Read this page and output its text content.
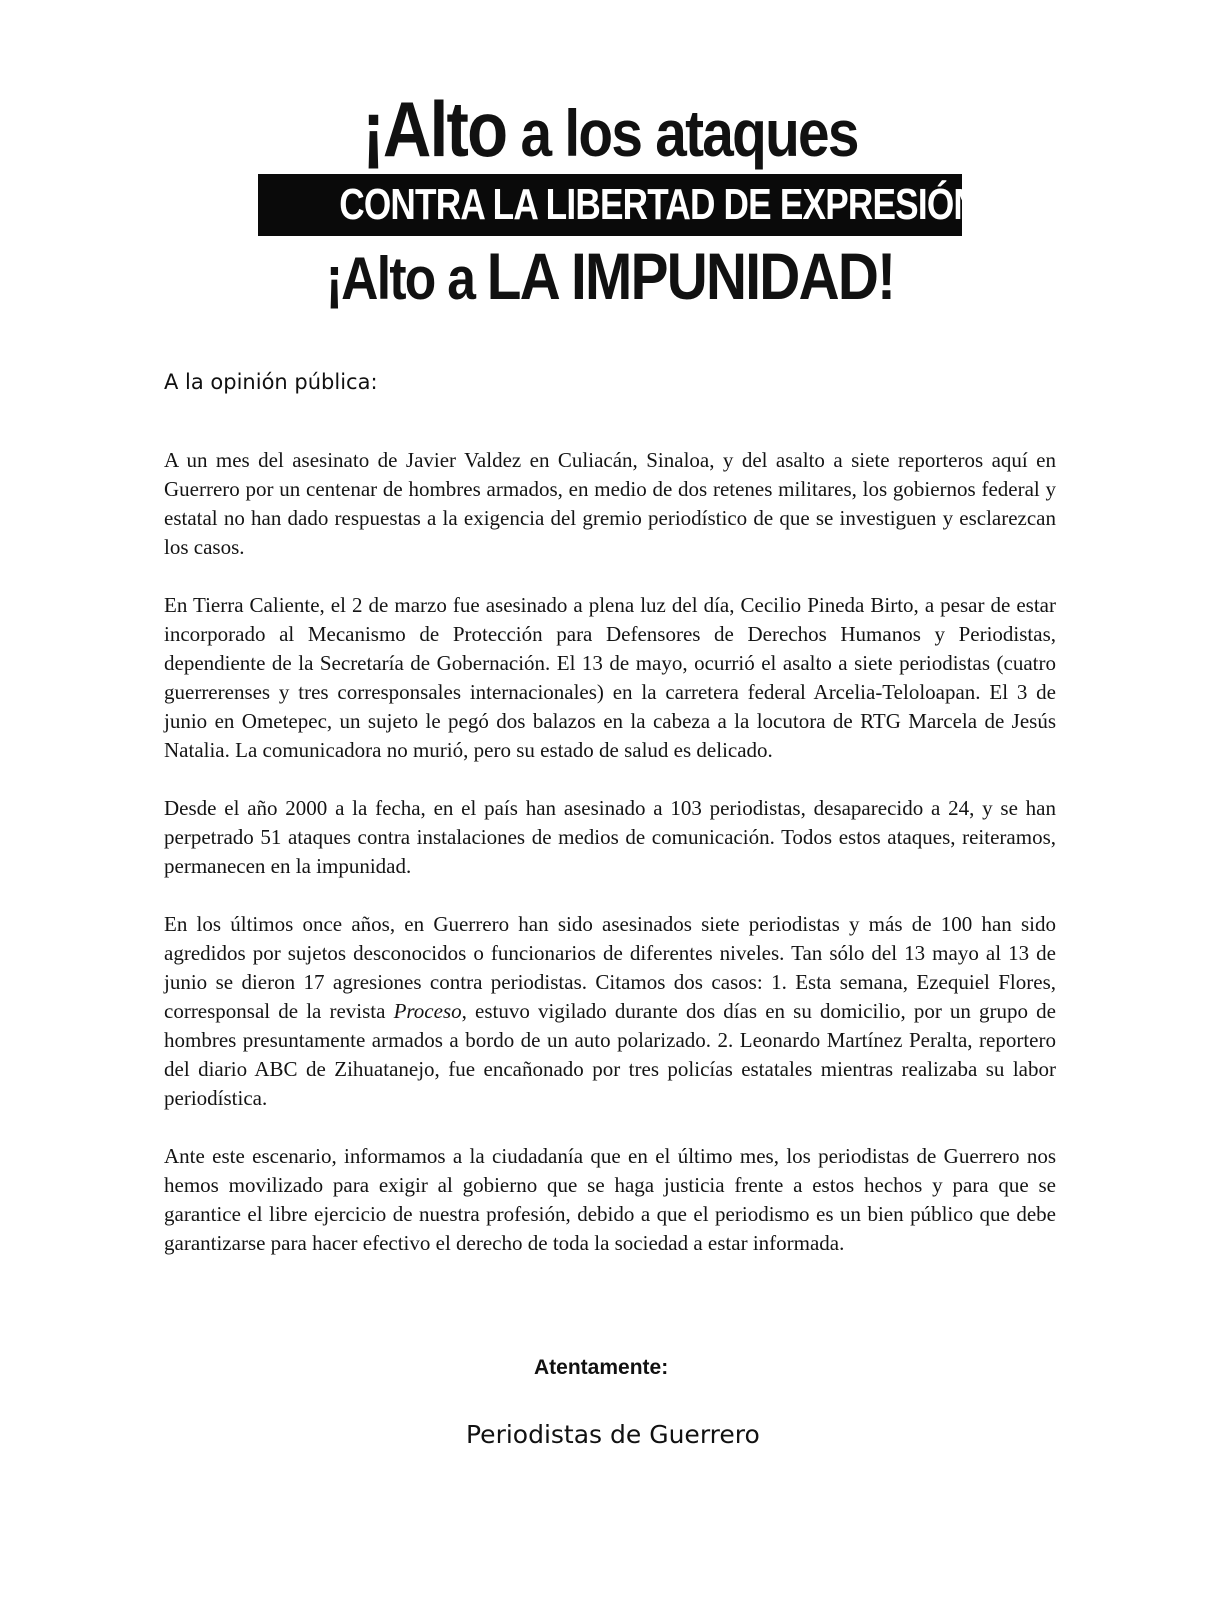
¡Alto a los ataques
CONTRA LA LIBERTAD DE EXPRESIÓN!
¡Alto a LA IMPUNIDAD!
A la opinión pública:

A un mes del asesinato de Javier Valdez en Culiacán, Sinaloa, y del asalto a siete reporteros aquí en Guerrero por un centenar de hombres armados, en medio de dos retenes militares, los gobiernos federal y estatal no han dado respuestas a la exigencia del gremio periodístico de que se investiguen y esclarezcan los casos.

En Tierra Caliente, el 2 de marzo fue asesinado a plena luz del día, Cecilio Pineda Birto, a pesar de estar incorporado al Mecanismo de Protección para Defensores de Derechos Humanos y Periodistas, dependiente de la Secretaría de Gobernación. El 13 de mayo, ocurrió el asalto a siete periodistas (cuatro guerrerenses y tres corresponsales internacionales) en la carretera federal Arcelia-Teloloapan. El 3 de junio en Ometepec, un sujeto le pegó dos balazos en la cabeza a la locutora de RTG Marcela de Jesús Natalia. La comunicadora no murió, pero su estado de salud es delicado.

Desde el año 2000 a la fecha, en el país han asesinado a 103 periodistas, desaparecido a 24, y se han perpetrado 51 ataques contra instalaciones de medios de comunicación. Todos estos ataques, reiteramos, permanecen en la impunidad.

En los últimos once años, en Guerrero han sido asesinados siete periodistas y más de 100 han sido agredidos por sujetos desconocidos o funcionarios de diferentes niveles. Tan sólo del 13 mayo al 13 de junio se dieron 17 agresiones contra periodistas. Citamos dos casos: 1. Esta semana, Ezequiel Flores, corresponsal de la revista Proceso, estuvo vigilado durante dos días en su domicilio, por un grupo de hombres presuntamente armados a bordo de un auto polarizado. 2. Leonardo Martínez Peralta, reportero del diario ABC de Zihuatanejo, fue encañonado por tres policías estatales mientras realizaba su labor periodística.

Ante este escenario, informamos a la ciudadanía que en el último mes, los periodistas de Guerrero nos hemos movilizado para exigir al gobierno que se haga justicia frente a estos hechos y para que se garantice el libre ejercicio de nuestra profesión, debido a que el periodismo es un bien público que debe garantizarse para hacer efectivo el derecho de toda la sociedad a estar informada.

Atentamente:
Periodistas de Guerrero
